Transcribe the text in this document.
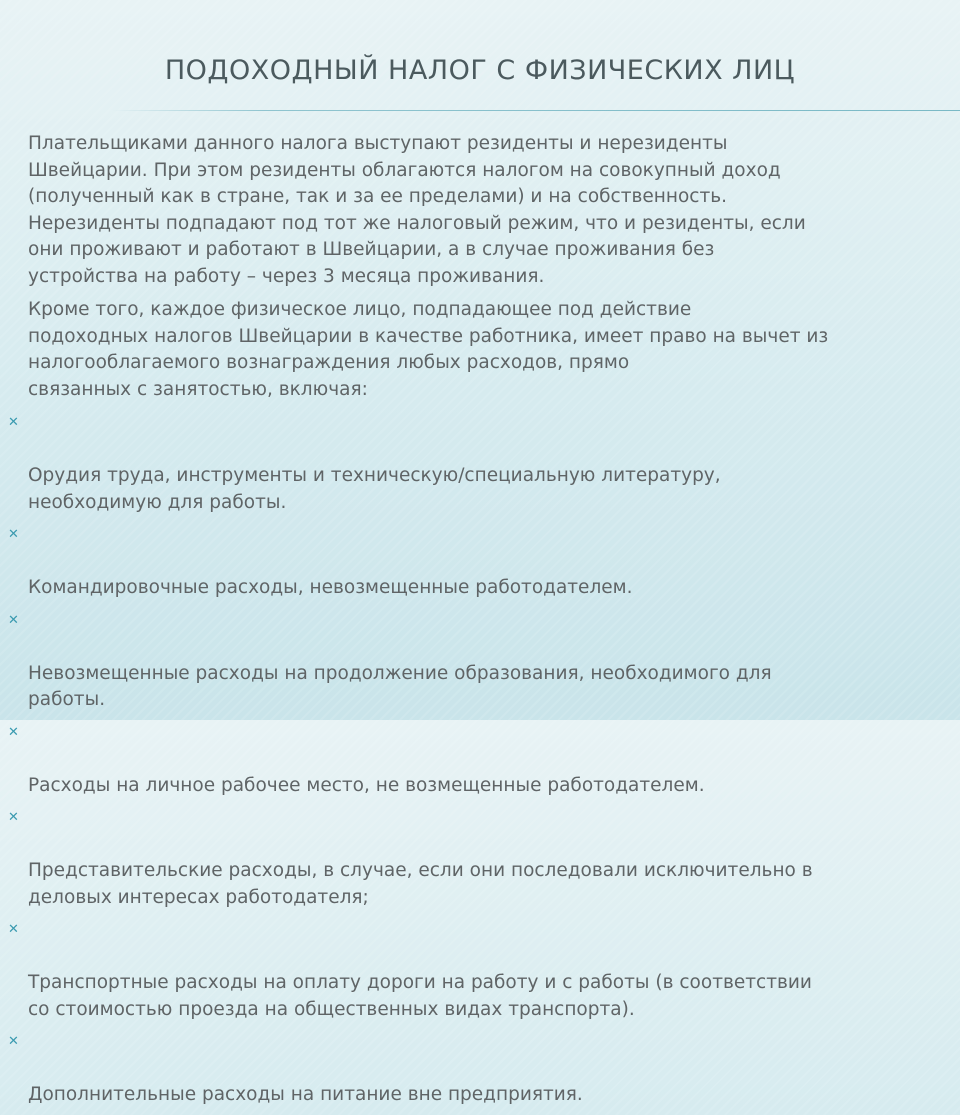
ПОДОХОДНЫЙ НАЛОГ С ФИЗИЧЕСКИХ ЛИЦ

Плательщиками данного налога выступают резиденты и нерезиденты
Швейцарии. При этом резиденты облагаются налогом на совокупный доход
(полученный как в стране, так и за ее пределами) и на собственность.
Нерезиденты подпадают под тот же налоговый режим, что и резиденты, если
они проживают и работают в Швейцарии, а в случае проживания без
устройства на работу – через 3 месяца проживания.

Кроме того, каждое физическое лицо, подпадающее под действие
подоходных налогов Швейцарии в качестве работника, имеет право на вычет из
налогооблагаемого вознаграждения любых расходов, прямо
связанных с занятостью, включая:

✕

Орудия труда, инструменты и техническую/специальную литературу,
необходимую для работы.

✕

Командировочные расходы, невозмещенные работодателем.

✕

Невозмещенные расходы на продолжение образования, необходимого для
работы.

✕

Расходы на личное рабочее место, не возмещенные работодателем.

✕

Представительские расходы, в случае, если они последовали исключительно в
деловых интересах работодателя;

✕

Транспортные расходы на оплату дороги на работу и с работы (в соответствии
со стоимостью проезда на общественных видах транспорта).

✕

Дополнительные расходы на питание вне предприятия.
